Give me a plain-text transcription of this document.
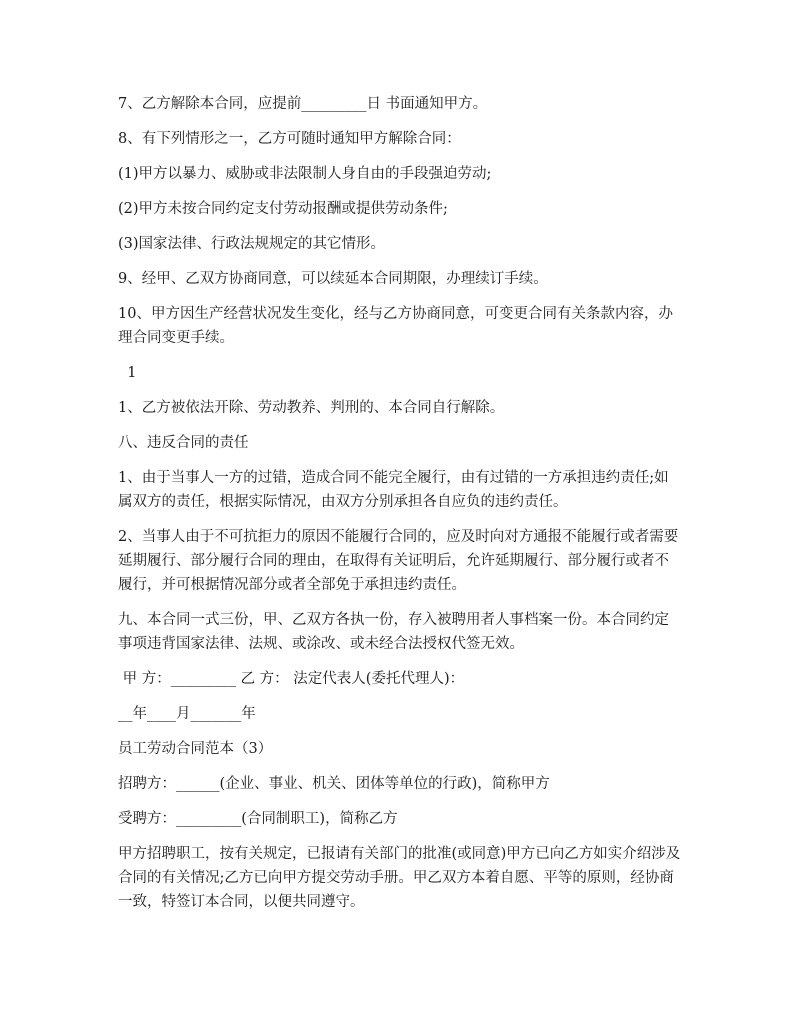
7、乙方解除本合同，应提前_________日 书面通知甲方。

8、有下列情形之一，乙方可随时通知甲方解除合同：

(1)甲方以暴力、威胁或非法限制人身自由的手段强迫劳动;

(2)甲方未按合同约定支付劳动报酬或提供劳动条件;

(3)国家法律、行政法规规定的其它情形。

9、经甲、乙双方协商同意，可以续延本合同期限，办理续订手续。

10、甲方因生产经营状况发生变化，经与乙方协商同意，可变更合同有关条款内容，办理合同变更手续。

1

1、乙方被依法开除、劳动教养、判刑的、本合同自行解除。

八、违反合同的责任

1、由于当事人一方的过错，造成合同不能完全履行，由有过错的一方承担违约责任;如属双方的责任，根据实际情况，由双方分别承担各自应负的违约责任。

2、当事人由于不可抗拒力的原因不能履行合同的，应及时向对方通报不能履行或者需要延期履行、部分履行合同的理由，在取得有关证明后，允许延期履行、部分履行或者不履行，并可根据情况部分或者全部免于承担违约责任。

九、本合同一式三份，甲、乙双方各执一份，存入被聘用者人事档案一份。本合同约定事项违背国家法律、法规、或涂改、或未经合法授权代签无效。

甲 方：_________ 乙 方： 法定代表人(委托代理人)：

__年____月_______年

员工劳动合同范本（3）

招聘方：______(企业、事业、机关、团体等单位的行政)，简称甲方

受聘方：_________(合同制职工)，简称乙方

甲方招聘职工，按有关规定，已报请有关部门的批准(或同意)甲方已向乙方如实介绍涉及合同的有关情况;乙方已向甲方提交劳动手册。甲乙双方本着自愿、平等的原则，经协商一致，特签订本合同，以便共同遵守。
